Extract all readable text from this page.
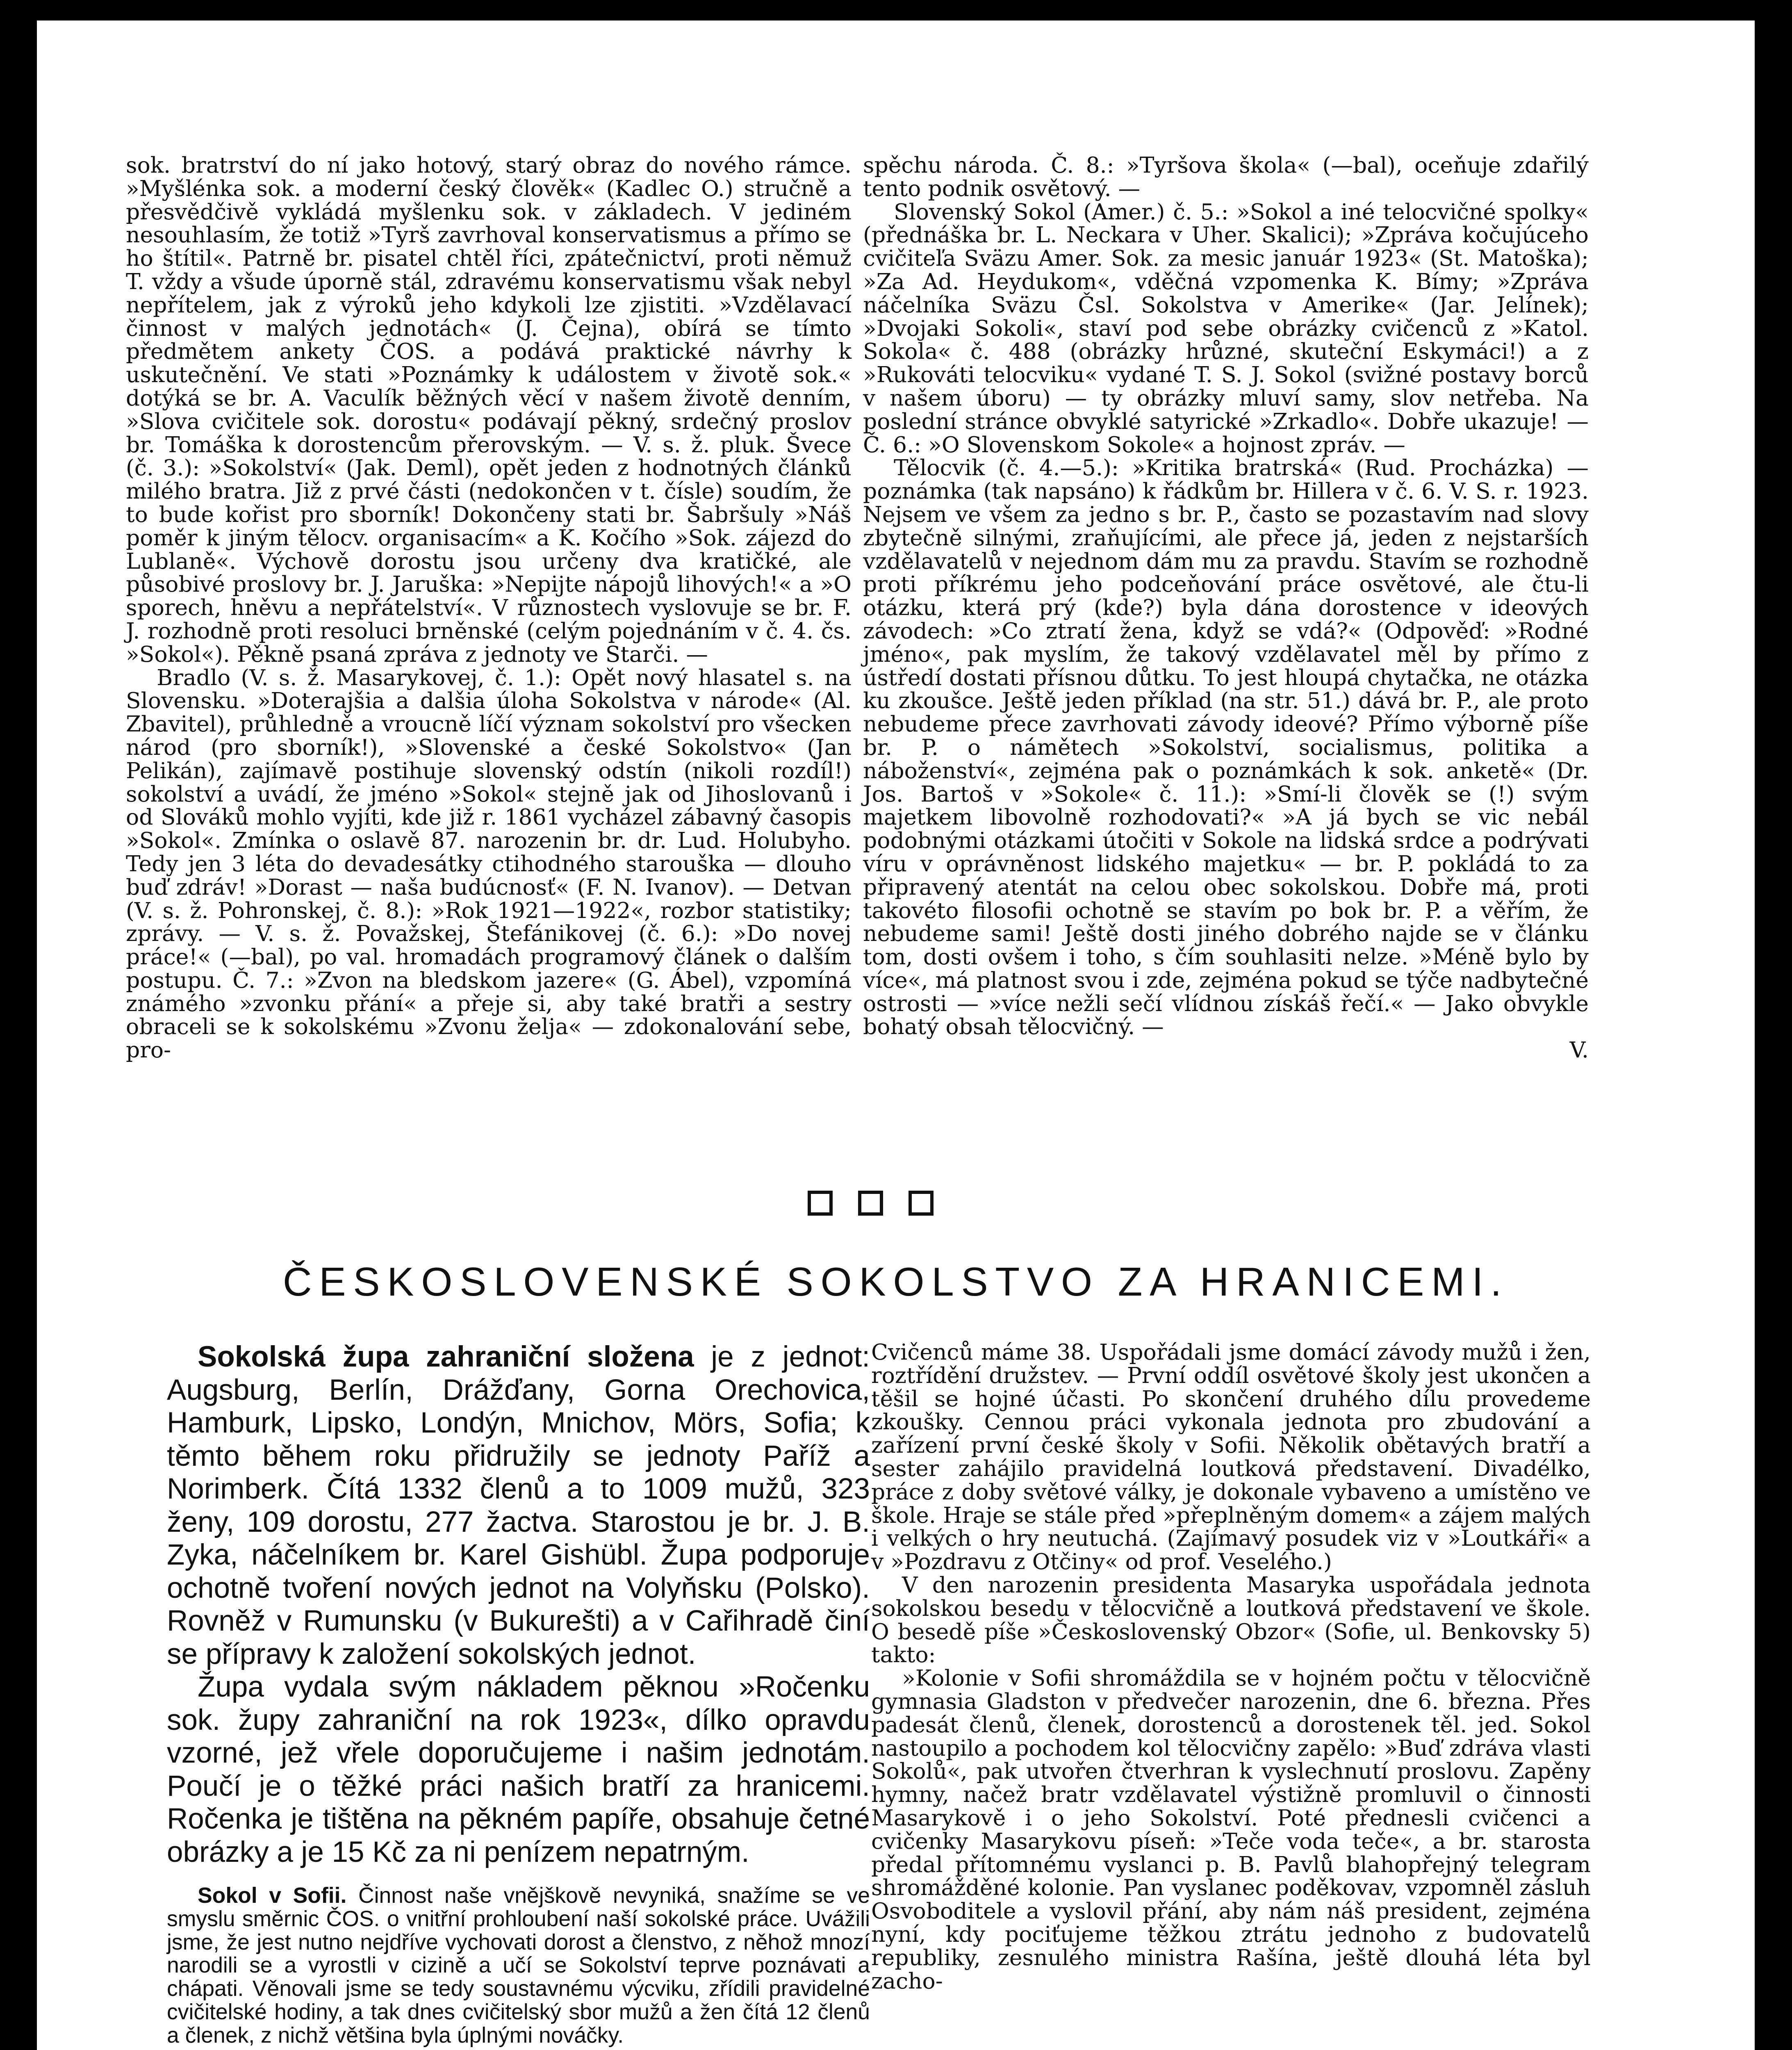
sok. bratrství do ní jako hotový, starý obraz do nového rámce. »Myšlénka sok. a moderní český člověk« (Kadlec O.) stručně a přesvědčivě vykládá myšlenku sok. v základech. V jediném nesouhlasím, že totiž »Tyrš zavrhoval konservatismus a přímo se ho štítil«. Patrně br. pisatel chtěl říci, zpátečnictví, proti němuž T. vždy a všude úporně stál, zdravému konservatismu však nebyl nepřítelem, jak z výroků jeho kdykoli lze zjistiti. »Vzdělavací činnost v malých jednotách« (J. Čejna), obírá se tímto předmětem ankety ČOS. a podává praktické návrhy k uskutečnění. Ve stati »Poznámky k událostem v životě sok.« dotýká se br. A. Vaculík běžných věcí v našem životě denním, »Slova cvičitele sok. dorostu« podávají pěkný, srdečný proslov br. Tomáška k dorostencům přerovským. — V. s. ž. pluk. Švece (č. 3.): »Sokolství« (Jak. Deml), opět jeden z hodnotných článků milého bratra. Již z prvé části (nedokončen v t. čísle) soudím, že to bude kořist pro sborník! Dokončeny stati br. Šabršuly »Náš poměr k jiným tělocv. organisacím« a K. Kočího »Sok. zájezd do Lublaně«. Výchově dorostu jsou určeny dva kratičké, ale působivé proslovy br. J. Jaruška: »Nepijte nápojů lihových!« a »O sporech, hněvu a nepřátelství«. V různostech vyslovuje se br. F. J. rozhodně proti resoluci brněnské (celým pojednáním v č. 4. čs. »Sokol«). Pěkně psaná zpráva z jednoty ve Starči. —

Bradlo (V. s. ž. Masarykovej, č. 1.): Opět nový hlasatel s. na Slovensku. »Doterajšia a dalšia úloha Sokolstva v národe« (Al. Zbavitel), průhledně a vroucně líčí význam sokolství pro všecken národ (pro sborník!), »Slovenské a české Sokolstvo« (Jan Pelikán), zajímavě postihuje slovenský odstín (nikoli rozdíl!) sokolství a uvádí, že jméno »Sokol« stejně jak od Jihoslovanů i od Slováků mohlo vyjíti, kde již r. 1861 vycházel zábavný časopis »Sokol«. Zmínka o oslavě 87. narozenin br. dr. Lud. Holubyho. Tedy jen 3 léta do devadesátky ctihodného starouška — dlouho buď zdráv! »Dorast — naša budúcnosť« (F. N. Ivanov). — Detvan (V. s. ž. Pohronskej, č. 8.): »Rok 1921—1922«, rozbor statistiky; zprávy. — V. s. ž. Považskej, Štefánikovej (č. 6.): »Do novej práce!« (—bal), po val. hromadách programový článek o dalším postupu. Č. 7.: »Zvon na bledskom jazere« (G. Ábel), vzpomíná známého »zvonku přání« a přeje si, aby také bratři a sestry obraceli se k sokolskému »Zvonu želja« — zdokonalování sebe, pro-

spěchu národa. Č. 8.: »Tyršova škola« (—bal), oceňuje zdařilý tento podnik osvětový. —

Slovenský Sokol (Amer.) č. 5.: »Sokol a iné telocvičné spolky« (přednáška br. L. Neckara v Uher. Skalici); »Zpráva kočujúceho cvičiteľa Sväzu Amer. Sok. za mesic január 1923« (St. Matoška); »Za Ad. Heydukom«, vděčná vzpomenka K. Bímy; »Zpráva náčelníka Sväzu Čsl. Sokolstva v Amerike« (Jar. Jelínek); »Dvojaki Sokoli«, staví pod sebe obrázky cvičenců z »Katol. Sokola« č. 488 (obrázky hrůzné, skuteční Eskymáci!) a z »Rukováti telocviku« vydané T. S. J. Sokol (svižné postavy borců v našem úboru) — ty obrázky mluví samy, slov netřeba. Na poslední stránce obvyklé satyrické »Zrkadlo«. Dobře ukazuje! — Č. 6.: »O Slovenskom Sokole« a hojnost zpráv. —

Tělocvik (č. 4.—5.): »Kritika bratrská« (Rud. Procházka) — poznámka (tak napsáno) k řádkům br. Hillera v č. 6. V. S. r. 1923. Nejsem ve všem za jedno s br. P., často se pozastavím nad slovy zbytečně silnými, zraňujícími, ale přece já, jeden z nejstarších vzdělavatelů v nejednom dám mu za pravdu. Stavím se rozhodně proti příkrému jeho podceňování práce osvětové, ale čtu-li otázku, která prý (kde?) byla dána dorostence v ideových závodech: »Co ztratí žena, když se vdá?« (Odpověď: »Rodné jméno«, pak myslím, že takový vzdělavatel měl by přímo z ústředí dostati přísnou důtku. To jest hloupá chytačka, ne otázka ku zkoušce. Ještě jeden příklad (na str. 51.) dává br. P., ale proto nebudeme přece zavrhovati závody ideové? Přímo výborně píše br. P. o námětech »Sokolství, socialismus, politika a náboženství«, zejména pak o poznámkách k sok. anketě« (Dr. Jos. Bartoš v »Sokole« č. 11.): »Smí-li člověk se (!) svým majetkem libovolně rozhodovati?« »A já bych se vic nebál podobnými otázkami útočiti v Sokole na lidská srdce a podrývati víru v oprávněnost lidského majetku« — br. P. pokládá to za připravený atentát na celou obec sokolskou. Dobře má, proti takovéto filosofii ochotně se stavím po bok br. P. a věřím, že nebudeme sami! Ještě dosti jiného dobrého najde se v článku tom, dosti ovšem i toho, s čím souhlasiti nelze. »Méně bylo by více«, má platnost svou i zde, zejména pokud se týče nadbytečné ostrosti — »více nežli sečí vlídnou získáš řečí.« — Jako obvykle bohatý obsah tělocvičný. —

V.

ČESKOSLOVENSKÉ SOKOLSTVO ZA HRANICEMI.

Sokolská župa zahraniční složena je z jednot: Augsburg, Berlín, Drážďany, Gorna Orechovica, Hamburk, Lipsko, Londýn, Mnichov, Mörs, Sofia; k těmto během roku přidružily se jednoty Paříž a Norimberk. Čítá 1332 členů a to 1009 mužů, 323 ženy, 109 dorostu, 277 žactva. Starostou je br. J. B. Zyka, náčelníkem br. Karel Gishübl. Župa podporuje ochotně tvoření nových jednot na Volyňsku (Polsko). Rovněž v Rumunsku (v Bukurešti) a v Cařihradě činí se přípravy k založení sokolských jednot.

Župa vydala svým nákladem pěknou »Ročenku sok. župy zahraniční na rok 1923«, dílko opravdu vzorné, jež vřele doporučujeme i našim jednotám. Poučí je o těžké práci našich bratří za hranicemi. Ročenka je tištěna na pěkném papíře, obsahuje četné obrázky a je 15 Kč za ni penízem nepatrným.

Sokol v Sofii. Činnost naše vnějškově nevyniká, snažíme se ve smyslu směrnic ČOS. o vnitřní prohloubení naší sokolské práce. Uvážili jsme, že jest nutno nejdříve vychovati dorost a členstvo, z něhož mnozí narodili se a vyrostli v cizině a učí se Sokolství teprve poznávati a chápati. Věnovali jsme se tedy soustavnému výcviku, zřídili pravidelné cvičitelské hodiny, a tak dnes cvičitelský sbor mužů a žen čítá 12 členů a členek, z nichž většina byla úplnými nováčky.

Cvičenců máme 38. Uspořádali jsme domácí závody mužů i žen, roztřídění družstev. — První oddíl osvětové školy jest ukončen a těšil se hojné účasti. Po skončení druhého dílu provedeme zkoušky. Cennou práci vykonala jednota pro zbudování a zařízení první české školy v Sofii. Několik obětavých bratří a sester zahájilo pravidelná loutková představení. Divadélko, práce z doby světové války, je dokonale vybaveno a umístěno ve škole. Hraje se stále před »přeplněným domem« a zájem malých i velkých o hry neutuchá. (Zajímavý posudek viz v »Loutkáři« a v »Pozdravu z Otčiny« od prof. Veselého.)

V den narozenin presidenta Masaryka uspořádala jednota sokolskou besedu v tělocvičně a loutková představení ve škole. O besedě píše »Československý Obzor« (Sofie, ul. Benkovsky 5) takto:

»Kolonie v Sofii shromáždila se v hojném počtu v tělocvičně gymnasia Gladston v předvečer narozenin, dne 6. března. Přes padesát členů, členek, dorostenců a dorostenek těl. jed. Sokol nastoupilo a pochodem kol tělocvičny zapělo: »Buď zdráva vlasti Sokolů«, pak utvořen čtverhran k vyslechnutí proslovu. Zapěny hymny, načež bratr vzdělavatel výstižně promluvil o činnosti Masarykově i o jeho Sokolství. Poté přednesli cvičenci a cvičenky Masarykovu píseň: »Teče voda teče«, a br. starosta předal přítomnému vyslanci p. B. Pavlů blahopřejný telegram shromážděné kolonie. Pan vyslanec poděkovav, vzpomněl zásluh Osvoboditele a vyslovil přání, aby nám náš president, zejména nyní, kdy pociťujeme těžkou ztrátu jednoho z budovatelů republiky, zesnulého ministra Rašína, ještě dlouhá léta byl zacho-
